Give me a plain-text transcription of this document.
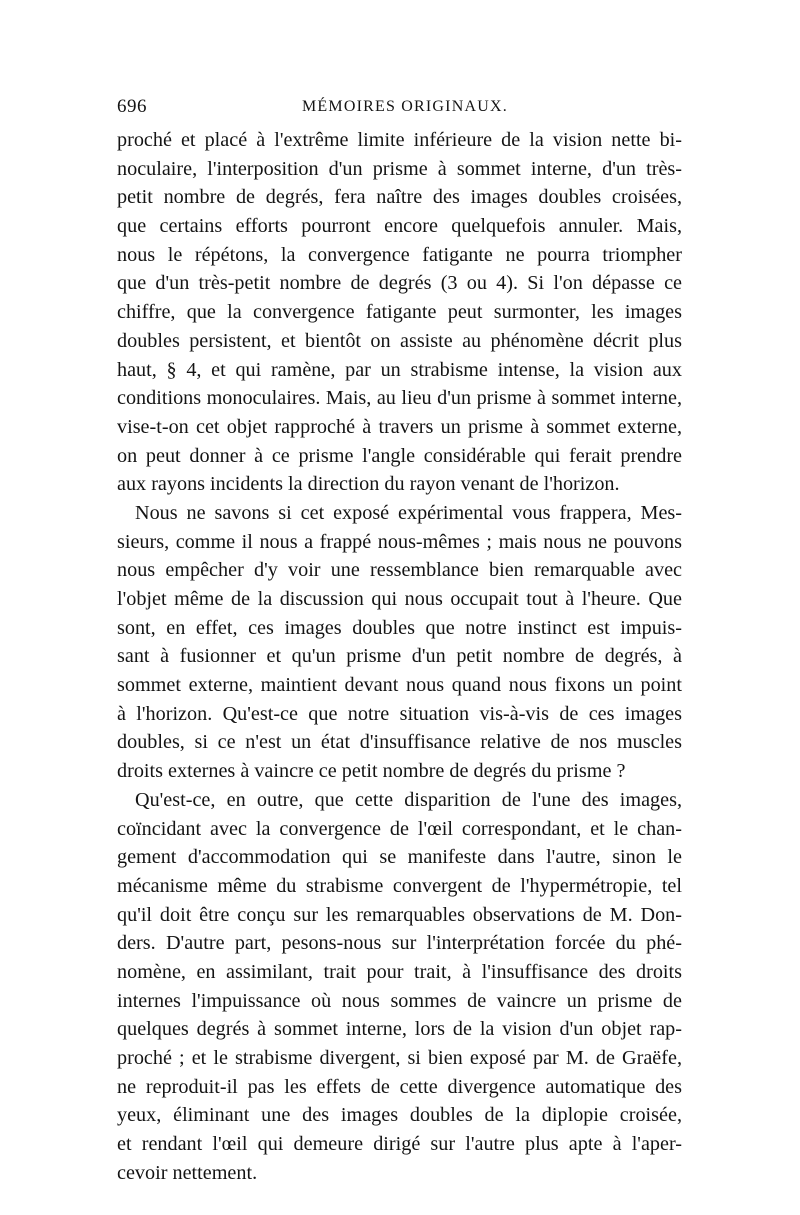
696	MÉMOIRES ORIGINAUX.
proché et placé à l'extrême limite inférieure de la vision nette bi-
noculaire, l'interposition d'un prisme à sommet interne, d'un très-
petit nombre de degrés, fera naître des images doubles croisées,
que certains efforts pourront encore quelquefois annuler. Mais,
nous le répétons, la convergence fatigante ne pourra triompher
que d'un très-petit nombre de degrés (3 ou 4). Si l'on dépasse ce
chiffre, que la convergence fatigante peut surmonter, les images
doubles persistent, et bientôt on assiste au phénomène décrit plus
haut, § 4, et qui ramène, par un strabisme intense, la vision aux
conditions monoculaires. Mais, au lieu d'un prisme à sommet interne,
vise-t-on cet objet rapproché à travers un prisme à sommet externe,
on peut donner à ce prisme l'angle considérable qui ferait prendre
aux rayons incidents la direction du rayon venant de l'horizon.
Nous ne savons si cet exposé expérimental vous frappera, Mes-
sieurs, comme il nous a frappé nous-mêmes ; mais nous ne pouvons
nous empêcher d'y voir une ressemblance bien remarquable avec
l'objet même de la discussion qui nous occupait tout à l'heure. Que
sont, en effet, ces images doubles que notre instinct est impuis-
sant à fusionner et qu'un prisme d'un petit nombre de degrés, à
sommet externe, maintient devant nous quand nous fixons un point
à l'horizon. Qu'est-ce que notre situation vis-à-vis de ces images
doubles, si ce n'est un état d'insuffisance relative de nos muscles
droits externes à vaincre ce petit nombre de degrés du prisme ?
Qu'est-ce, en outre, que cette disparition de l'une des images,
coïncidant avec la convergence de l'œil correspondant, et le chan-
gement d'accommodation qui se manifeste dans l'autre, sinon le
mécanisme même du strabisme convergent de l'hypermétropie, tel
qu'il doit être conçu sur les remarquables observations de M. Don-
ders. D'autre part, pesons-nous sur l'interprétation forcée du phé-
nomène, en assimilant, trait pour trait, à l'insuffisance des droits
internes l'impuissance où nous sommes de vaincre un prisme de
quelques degrés à sommet interne, lors de la vision d'un objet rap-
proché ; et le strabisme divergent, si bien exposé par M. de Graëfe,
ne reproduit-il pas les effets de cette divergence automatique des
yeux, éliminant une des images doubles de la diplopie croisée,
et rendant l'œil qui demeure dirigé sur l'autre plus apte à l'aper-
cevoir nettement.
